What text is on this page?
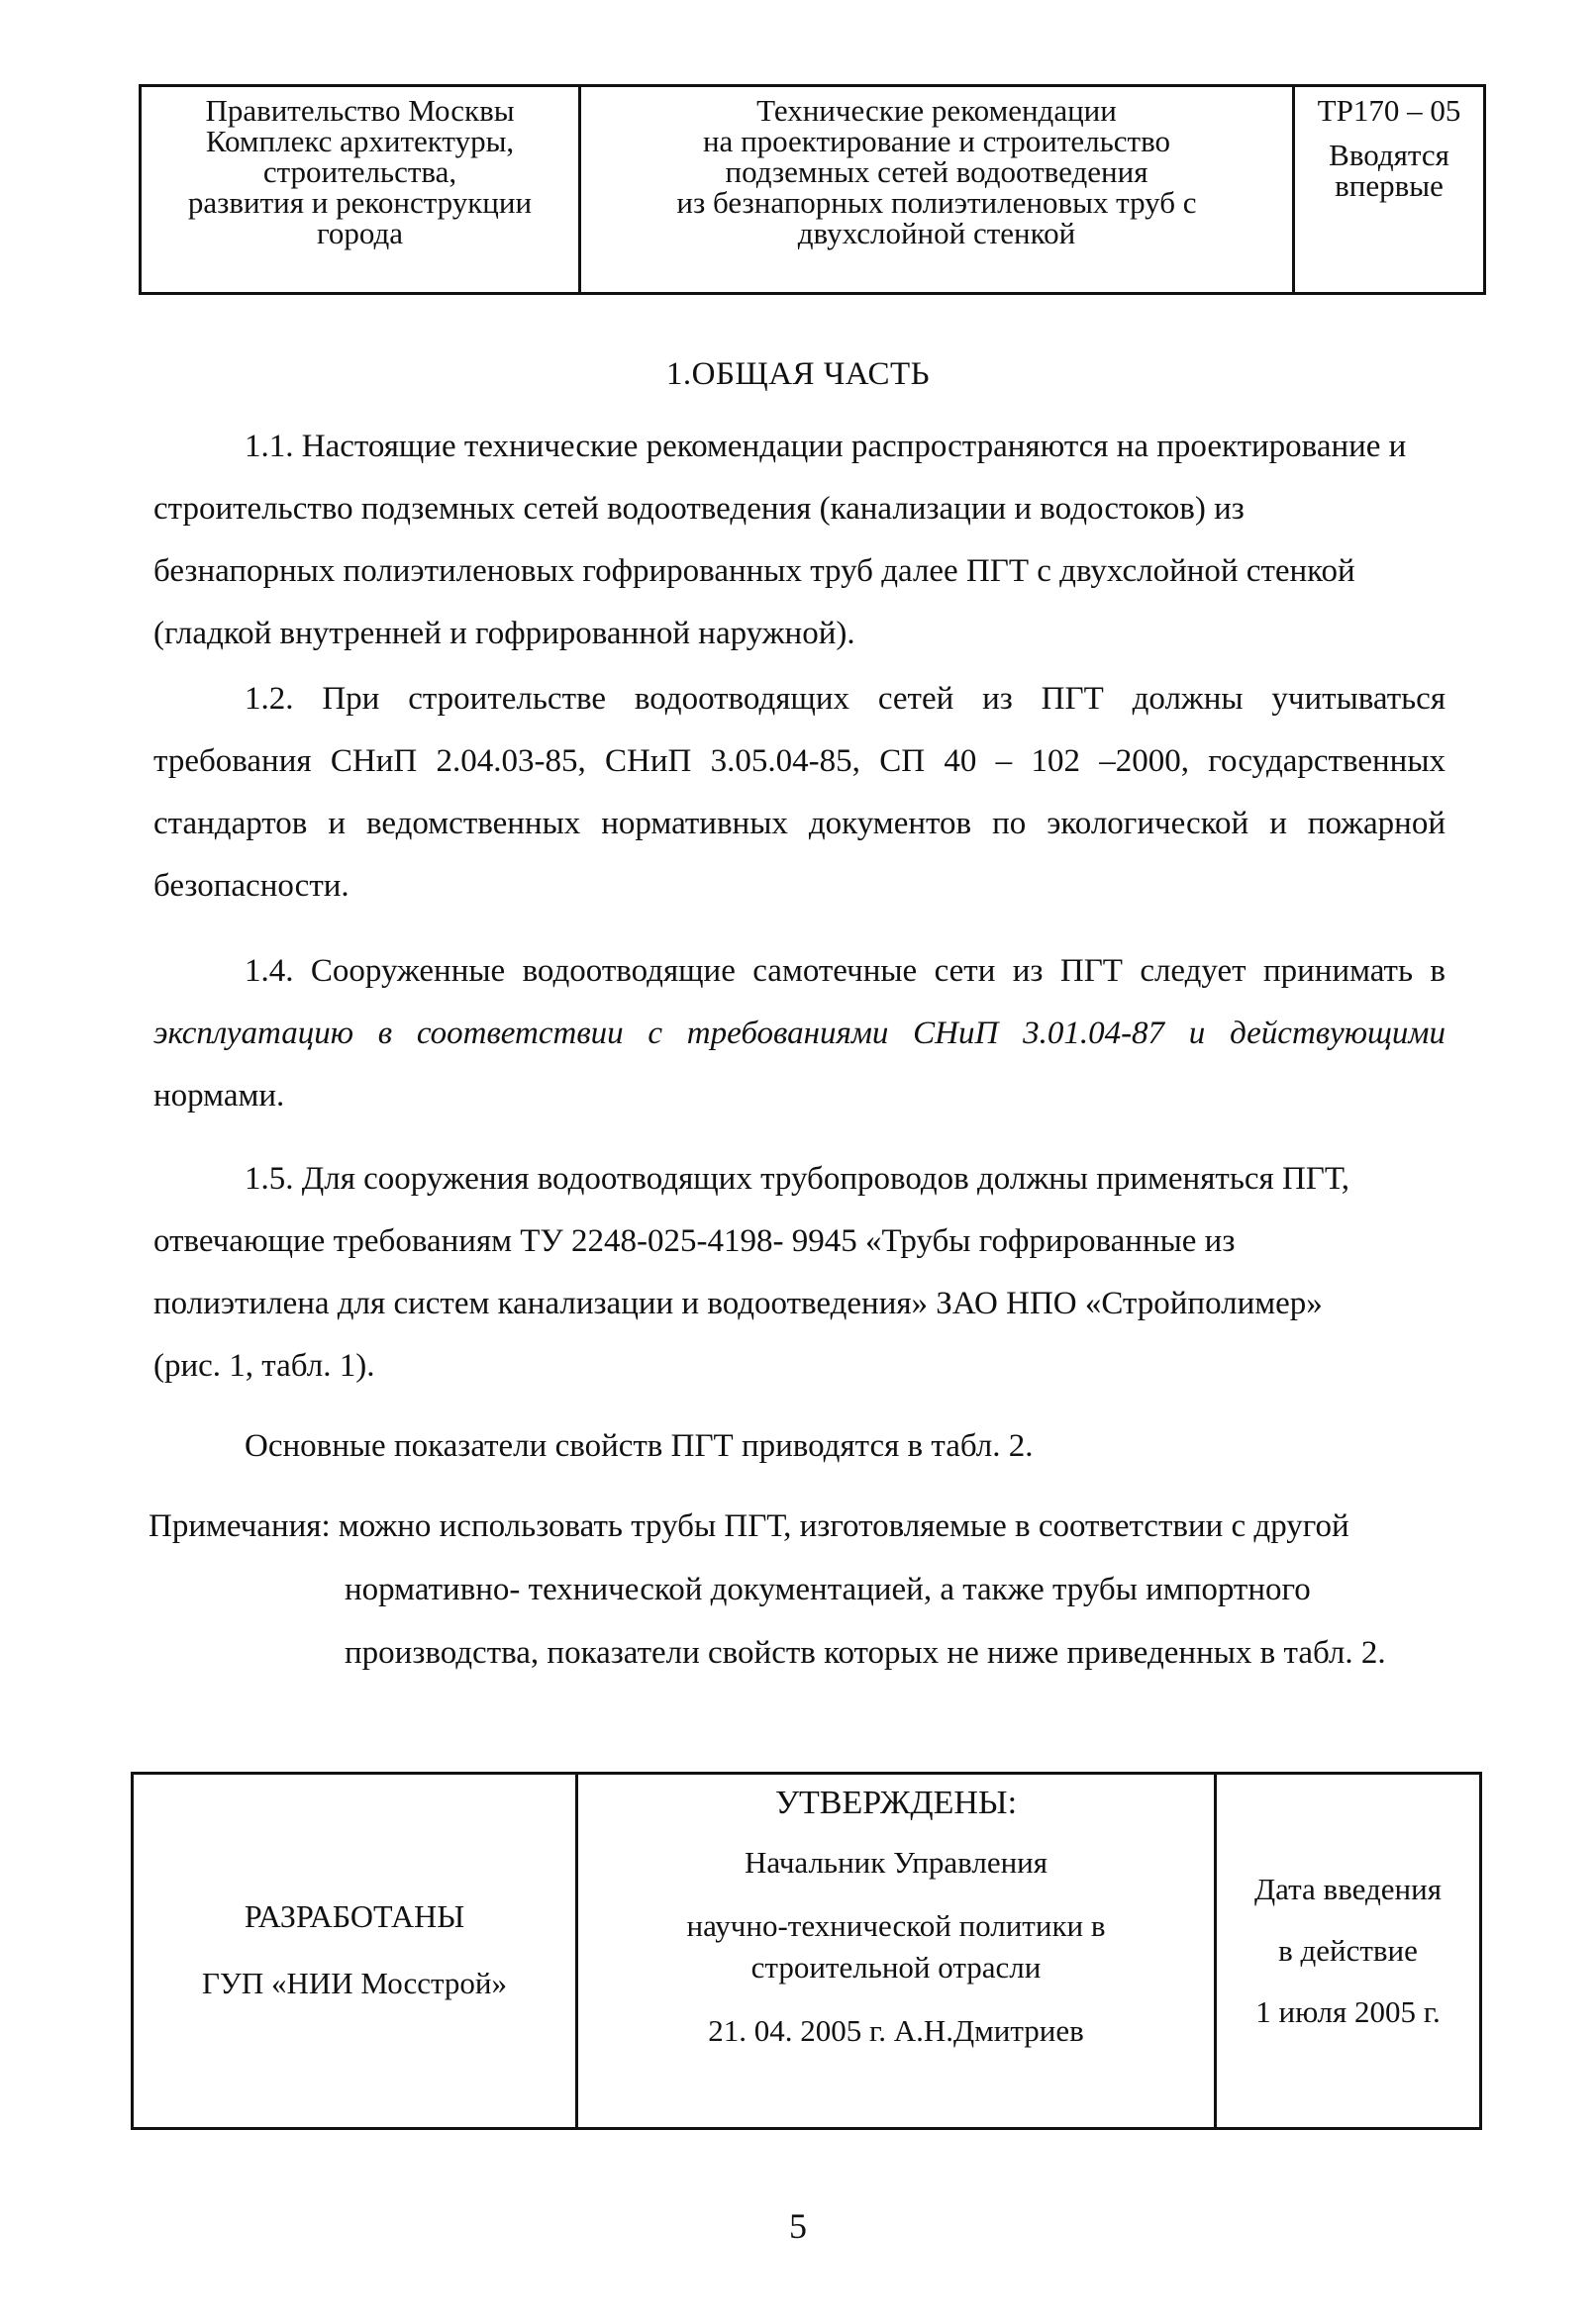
Правительство Москвы
Комплекс архитектуры,
строительства,
развития и реконструкции
города

Технические рекомендации
на проектирование и строительство
подземных сетей водоотведения
из безнапорных полиэтиленовых труб с
двухслойной стенкой

ТР170 – 05
Вводятся
впервые
1.ОБЩАЯ ЧАСТЬ

1.1. Настоящие технические рекомендации распространяются на проектирование и
строительство подземных сетей водоотведения (канализации и водостоков) из
безнапорных полиэтиленовых гофрированных труб далее ПГТ с двухслойной стенкой
(гладкой внутренней и гофрированной наружной).

1.2. При строительстве водоотводящих сетей из ПГТ должны учитываться
требования СНиП 2.04.03-85, СНиП 3.05.04-85, СП 40 – 102 –2000, государственных
стандартов и ведомственных нормативных документов по экологической и пожарной
безопасности.

1.4. Сооруженные водоотводящие самотечные сети из ПГТ следует принимать в
эксплуатацию в соответствии с требованиями СНиП 3.01.04-87 и действующими
нормами.

1.5. Для сооружения водоотводящих трубопроводов должны применяться ПГТ,
отвечающие требованиям ТУ 2248-025-4198- 9945 «Трубы гофрированные из
полиэтилена для систем канализации и водоотведения» ЗАО НПО «Стройполимер»
(рис. 1, табл. 1).

Основные показатели свойств ПГТ приводятся в табл. 2.

Примечания: можно использовать трубы ПГТ, изготовляемые в соответствии с другой
нормативно- технической документацией, а также трубы импортного
производства, показатели свойств которых не ниже приведенных в табл. 2.
РАЗРАБОТАНЫ
ГУП «НИИ Мосстрой»

УТВЕРЖДЕНЫ:
Начальник Управления
научно-технической политики в
строительной отрасли
21. 04. 2005 г. А.Н.Дмитриев

Дата введения
в действие
1 июля 2005 г.
5
